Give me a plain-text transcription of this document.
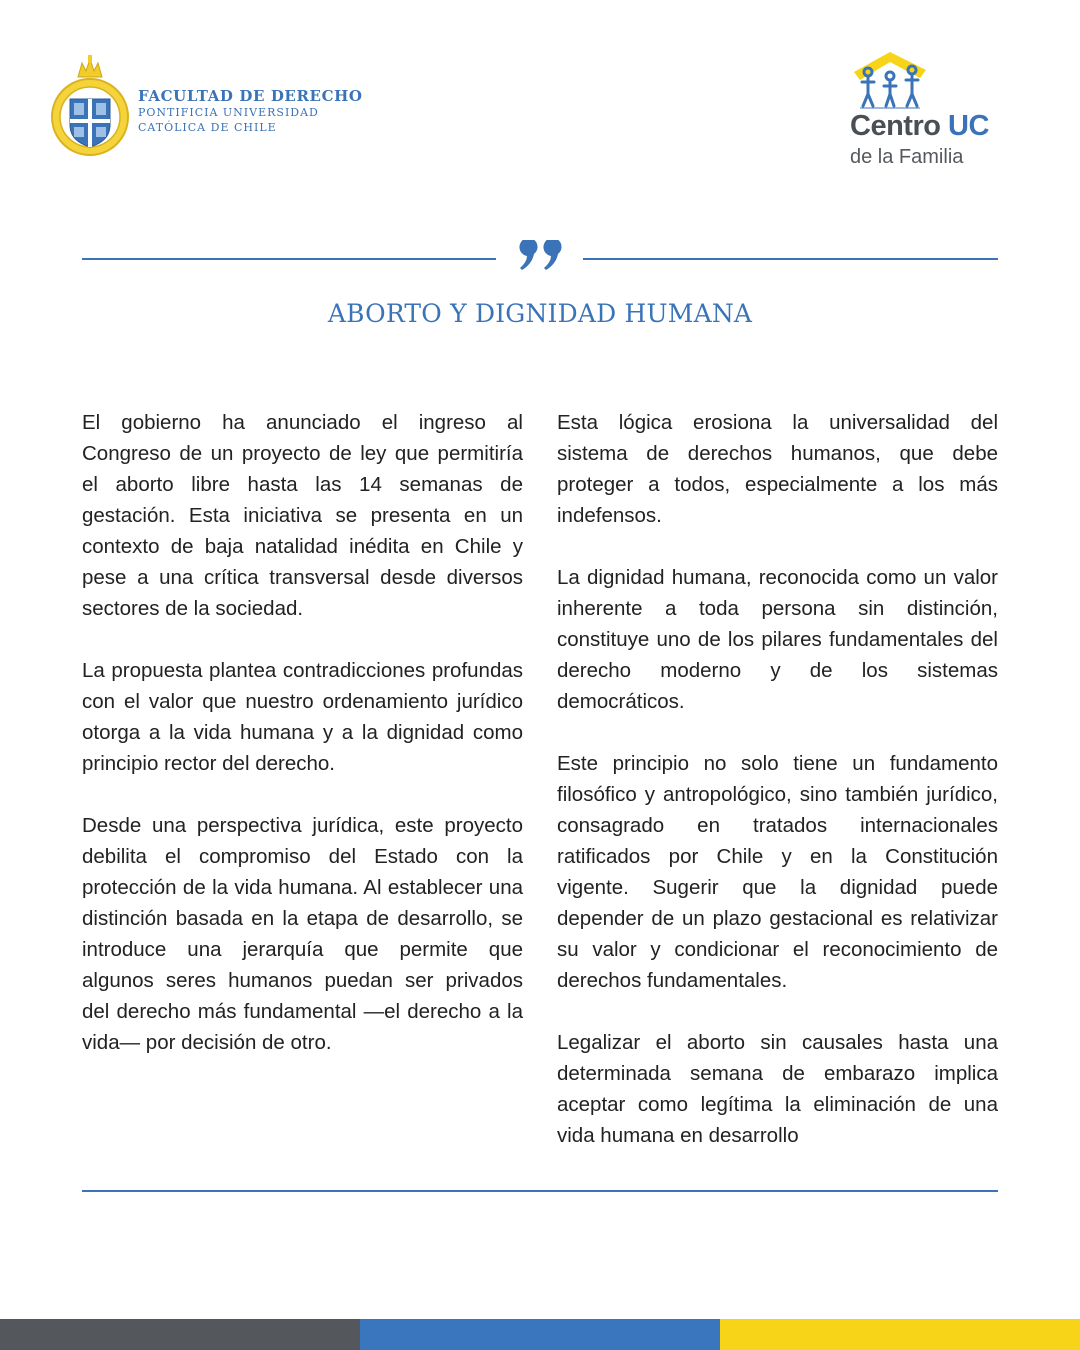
FACULTAD DE DERECHO
PONTIFICIA UNIVERSIDAD
CATÓLICA DE CHILE	Centro UC
de la Familia
ABORTO Y DIGNIDAD HUMANA

El gobierno ha anunciado el ingreso al Congreso de un proyecto de ley que permitiría el aborto libre hasta las 14 semanas de gestación. Esta iniciativa se presenta en un contexto de baja natalidad inédita en Chile y pese a una crítica transversal desde diversos sectores de la sociedad.

La propuesta plantea contradicciones profundas con el valor que nuestro ordenamiento jurídico otorga a la vida humana y a la dignidad como principio rector del derecho.

Desde una perspectiva jurídica, este proyecto debilita el compromiso del Estado con la protección de la vida humana. Al establecer una distinción basada en la etapa de desarrollo, se introduce una jerarquía que permite que algunos seres humanos puedan ser privados del derecho más fundamental —el derecho a la vida— por decisión de otro.

Esta lógica erosiona la universalidad del sistema de derechos humanos, que debe proteger a todos, especialmente a los más indefensos.

La dignidad humana, reconocida como un valor inherente a toda persona sin distinción, constituye uno de los pilares fundamentales del derecho moderno y de los sistemas democráticos.

Este principio no solo tiene un fundamento filosófico y antropológico, sino también jurídico, consagrado en tratados internacionales ratificados por Chile y en la Constitución vigente. Sugerir que la dignidad puede depender de un plazo gestacional es relativizar su valor y condicionar el reconocimiento de derechos fundamentales.

Legalizar el aborto sin causales hasta una determinada semana de embarazo implica aceptar como legítima la eliminación de una vida humana en desarrollo
